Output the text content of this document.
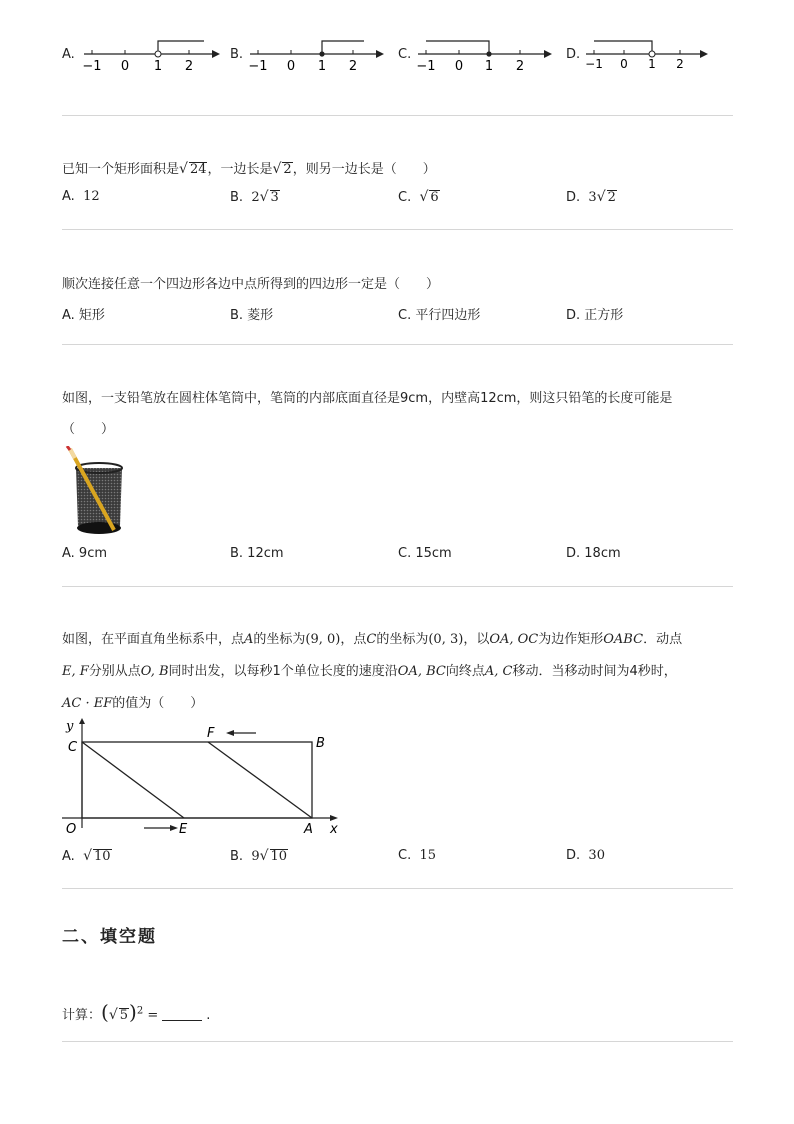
A.
−1 0 1 2
B.
−1 0 1 2
C.
−1 0 1 2
D.
−1 0 1 2
已知一个矩形面积是√ 24，一边长是√ 2，则另一边长是（　　）
A. 12	B. 2√ 3	C. √ 6	D. 3√ 2
顺次连接任意一个四边形各边中点所得到的四边形一定是（　　）
A. 矩形	B. 菱形	C. 平行四边形	D. 正方形
如图，一支铅笔放在圆柱体笔筒中，笔筒的内部底面直径是9cm，内壁高12cm，则这只铅笔的长度可能是
（　　）
A. 9cm	B. 12cm	C. 15cm	D. 18cm
如图，在平面直角坐标系中，点A的坐标为(9, 0)，点C的坐标为(0, 3)，以OA, OC为边作矩形OABC．动点
E, F分别从点O, B同时出发，以每秒1个单位长度的速度沿OA, BC向终点A, C移动．当移动时间为4秒时，
AC · EF的值为（　　）
y
C
F
B
O	E	A x
A. √ 10	B. 9√ 10	C. 15	D. 30
二、填空题
计算：(√ 5)$^2$ =	.
